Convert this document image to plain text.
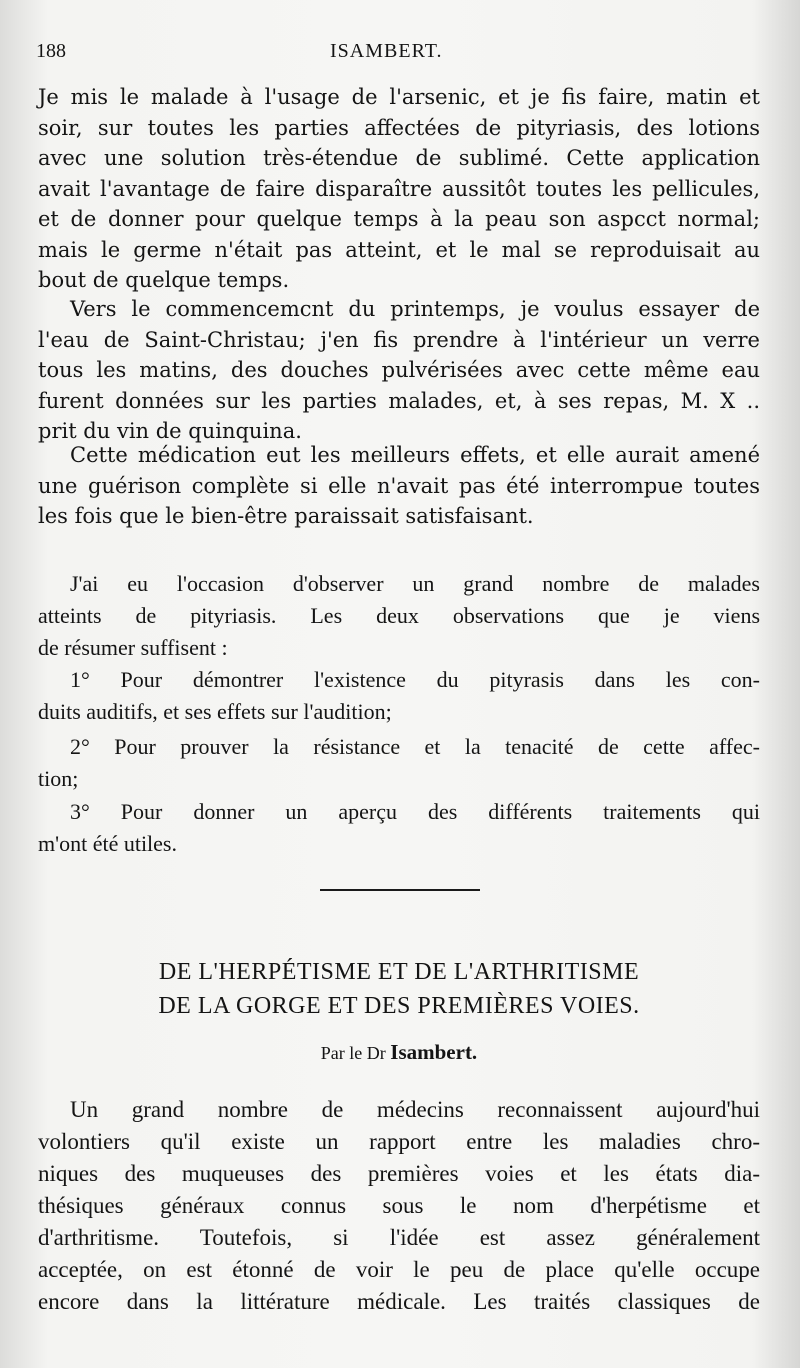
188	ISAMBERT.
Je mis le malade à l'usage de l'arsenic, et je fis faire, matin et
soir, sur toutes les parties affectées de pityriasis, des lotions
avec une solution très-étendue de sublimé. Cette application
avait l'avantage de faire disparaître aussitôt toutes les pellicules,
et de donner pour quelque temps à la peau son aspcct normal;
mais le germe n'était pas atteint, et le mal se reproduisait au
bout de quelque temps.
Vers le commencemcnt du printemps, je voulus essayer de
l'eau de Saint-Christau; j'en fis prendre à l'intérieur un verre
tous les matins, des douches pulvérisées avec cette même eau
furent données sur les parties malades, et, à ses repas, M. X ..
prit du vin de quinquina.
Cette médication eut les meilleurs effets, et elle aurait amené
une guérison complète si elle n'avait pas été interrompue toutes
les fois que le bien-être paraissait satisfaisant.
J'ai eu l'occasion d'observer un grand nombre de malades
atteints de pityriasis. Les deux observations que je viens
de résumer suffisent :
1° Pour démontrer l'existence du pityrasis dans les con-
duits auditifs, et ses effets sur l'audition;
2° Pour prouver la résistance et la tenacité de cette affec-
tion;
3° Pour donner un aperçu des différents traitements qui
m'ont été utiles.
DE L'HERPÉTISME ET DE L'ARTHRITISME
DE LA GORGE ET DES PREMIÈRES VOIES.
Par le Dr Isambert.
Un grand nombre de médecins reconnaissent aujourd'hui
volontiers qu'il existe un rapport entre les maladies chro-
niques des muqueuses des premières voies et les états dia-
thésiques généraux connus sous le nom d'herpétisme et
d'arthritisme. Toutefois, si l'idée est assez généralement
acceptée, on est étonné de voir le peu de place qu'elle occupe
encore dans la littérature médicale. Les traités classiques de
